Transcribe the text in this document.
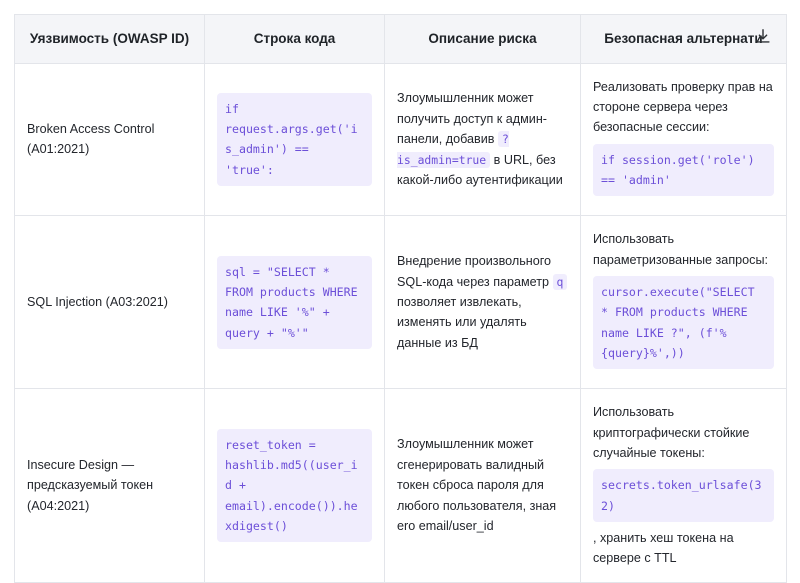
Уязвимость (OWASP ID)	Строка кода	Описание риска	Безопасная альтернати
Broken Access Control (A01:2021)	if request.args.get('is_admin') == 'true':	Злоумышленник может получить доступ к админ-панели, добавив ?is_admin=true в URL, без какой-либо аутентификации	Реализовать проверку прав на стороне сервера через безопасные сессии:
if session.get('role') == 'admin'

SQL Injection (A03:2021)	sql = "SELECT * FROM products WHERE name LIKE '%" + query + "%'"	Внедрение произвольного SQL-кода через параметр q позволяет извлекать, изменять или удалять данные из БД	Использовать параметризованные запросы:
cursor.execute("SELECT * FROM products WHERE name LIKE ?", (f'%{query}%',))

Insecure Design — предсказуемый токен (A04:2021)	reset_token = hashlib.md5((user_id + email).encode()).hexdigest()	Злоумышленник может сгенерировать валидный токен сброса пароля для любого пользователя, зная ero email/user_id	Использовать криптографически стойкие случайные токены:
secrets.token_urlsafe(32)
, хранить хеш токена на сервере с TTL
